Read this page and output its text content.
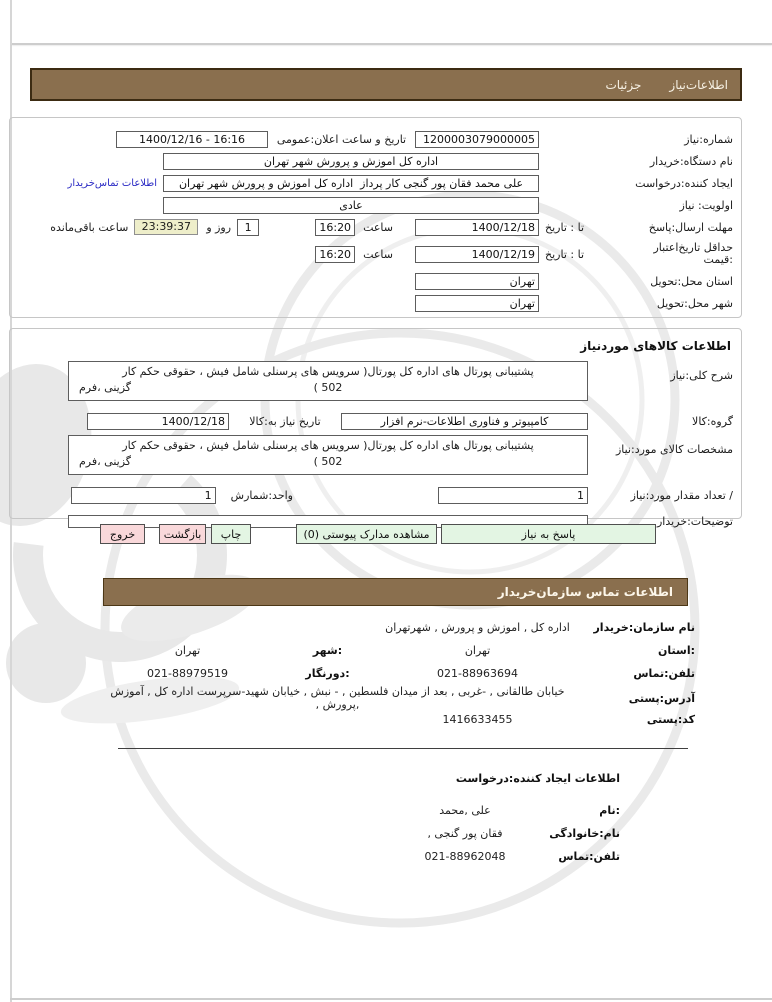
اطلاعات‌نیاز
جزئیات
شماره:نیاز
1200003079000005
تاریخ و ساعت اعلان:عمومی
1400/12/16 - 16:16
نام دستگاه:خریدار
اداره کل اموزش و پرورش شهر تهران
ایجاد کننده:درخواست
علی محمد فقان پور گنجی کار پرداز اداره کل اموزش و پرورش شهر تهران
اطلاعات تماس‌خریدار
اولویت: نیاز
عادی
مهلت ارسال:پاسخ
تا : تاریخ
1400/12/18
ساعت
16:20
1
روز و
23:39:37
ساعت باقی‌مانده
حداقل تاریخ‌اعتبار
:قیمت
تا : تاریخ
1400/12/19
ساعت
16:20
استان محل:تحویل
تهران
شهر محل:تحویل
تهران
اطلاعات کالاهای موردنیاز
شرح کلی:نیاز
پشتیبانی پورتال های اداره کل پورتال( سرویس های پرسنلی شامل فیش ، حقوقی حکم کار
( 502
گزینی ،فرم
گروه:کالا
کامپیوتر و فناوری اطلاعات-نرم افزار
تاریخ نیاز به:کالا
1400/12/18
مشخصات کالای مورد:نیاز
پشتیبانی پورتال های اداره کل پورتال( سرویس های پرسنلی شامل فیش ، حقوقی حکم کار
( 502
گزینی ،فرم
/ تعداد مقدار مورد:نیاز
1
واحد:شمارش
1
توضیحات:خریدار
پاسخ به نیاز
مشاهده مدارک پیوستی (0)
چاپ
بازگشت
خروج
اطلاعات تماس سازمان‌خریدار
نام سازمان:خریدار
اداره کل , اموزش و پرورش , شهرتهران
:استان
تهران
:شهر
تهران
تلفن:تماس
021-88963694
:دورنگار
021-88979519
آدرس:پستی
خیابان طالقانی , -غربی , بعد از میدان فلسطین , - نبش , خیابان شهید-سرپرست اداره کل , آموزش ,پرورش ,
کد:پستی
1416633455
اطلاعات ایجاد کننده:درخواست
:نام
علی ,محمد
نام:خانوادگی
فقان پور گنجی ,
تلفن:تماس
021-88962048
